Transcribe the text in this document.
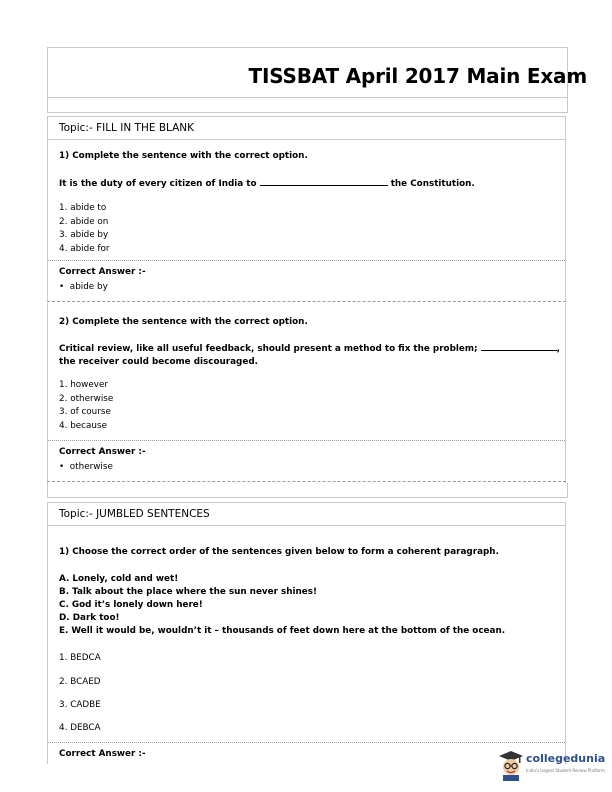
TISSBAT April 2017 Main Exam
Topic:- FILL IN THE BLANK
1) Complete the sentence with the correct option.
It is the duty of every citizen of India to	the Constitution.
1. abide to
2. abide on
3. abide by
4. abide for
Correct Answer :-
•  abide by
2) Complete the sentence with the correct option.
Critical review, like all useful feedback, should present a method to fix the problem;	,
the receiver could become discouraged.
1. however
2. otherwise
3. of course
4. because
Correct Answer :-
•  otherwise
Topic:- JUMBLED SENTENCES
1) Choose the correct order of the sentences given below to form a coherent paragraph.
A. Lonely, cold and wet!
B. Talk about the place where the sun never shines!
C. God it’s lonely down here!
D. Dark too!
E. Well it would be, wouldn’t it – thousands of feet down here at the bottom of the ocean.
1. BEDCA
2. BCAED
3. CADBE
4. DEBCA
Correct Answer :-	collegedunia
India's largest Student Review Platform
